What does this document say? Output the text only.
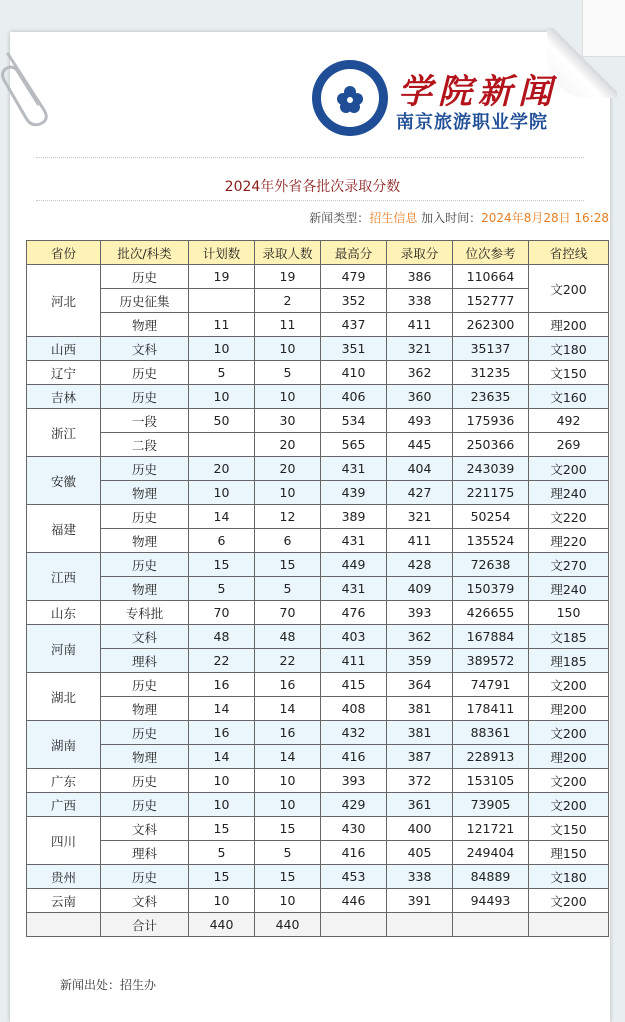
学院新闻
南京旅游职业学院
2024年外省各批次录取分数
新闻类型：招生信息 加入时间：2024年8月28日 16:28
省份	批次/科类	计划数	录取人数	最高分	录取分	位次参考	省控线
河北	历史	19	19	479	386	110664	文200
	历史征集		2	352	338	152777	
	物理	11	11	437	411	262300	理200
山西	文科	10	10	351	321	35137	文180
辽宁	历史	5	5	410	362	31235	文150
吉林	历史	10	10	406	360	23635	文160
浙江	一段	50	30	534	493	175936	492
	二段		20	565	445	250366	269
安徽	历史	20	20	431	404	243039	文200
	物理	10	10	439	427	221175	理240
福建	历史	14	12	389	321	50254	文220
	物理	6	6	431	411	135524	理220
江西	历史	15	15	449	428	72638	文270
	物理	5	5	431	409	150379	理240
山东	专科批	70	70	476	393	426655	150
河南	文科	48	48	403	362	167884	文185
	理科	22	22	411	359	389572	理185
湖北	历史	16	16	415	364	74791	文200
	物理	14	14	408	381	178411	理200
湖南	历史	16	16	432	381	88361	文200
	物理	14	14	416	387	228913	理200
广东	历史	10	10	393	372	153105	文200
广西	历史	10	10	429	361	73905	文200
四川	文科	15	15	430	400	121721	文150
	理科	5	5	416	405	249404	理150
贵州	历史	15	15	453	338	84889	文180
云南	文科	10	10	446	391	94493	文200
	合计	440	440				
新闻出处：招生办
